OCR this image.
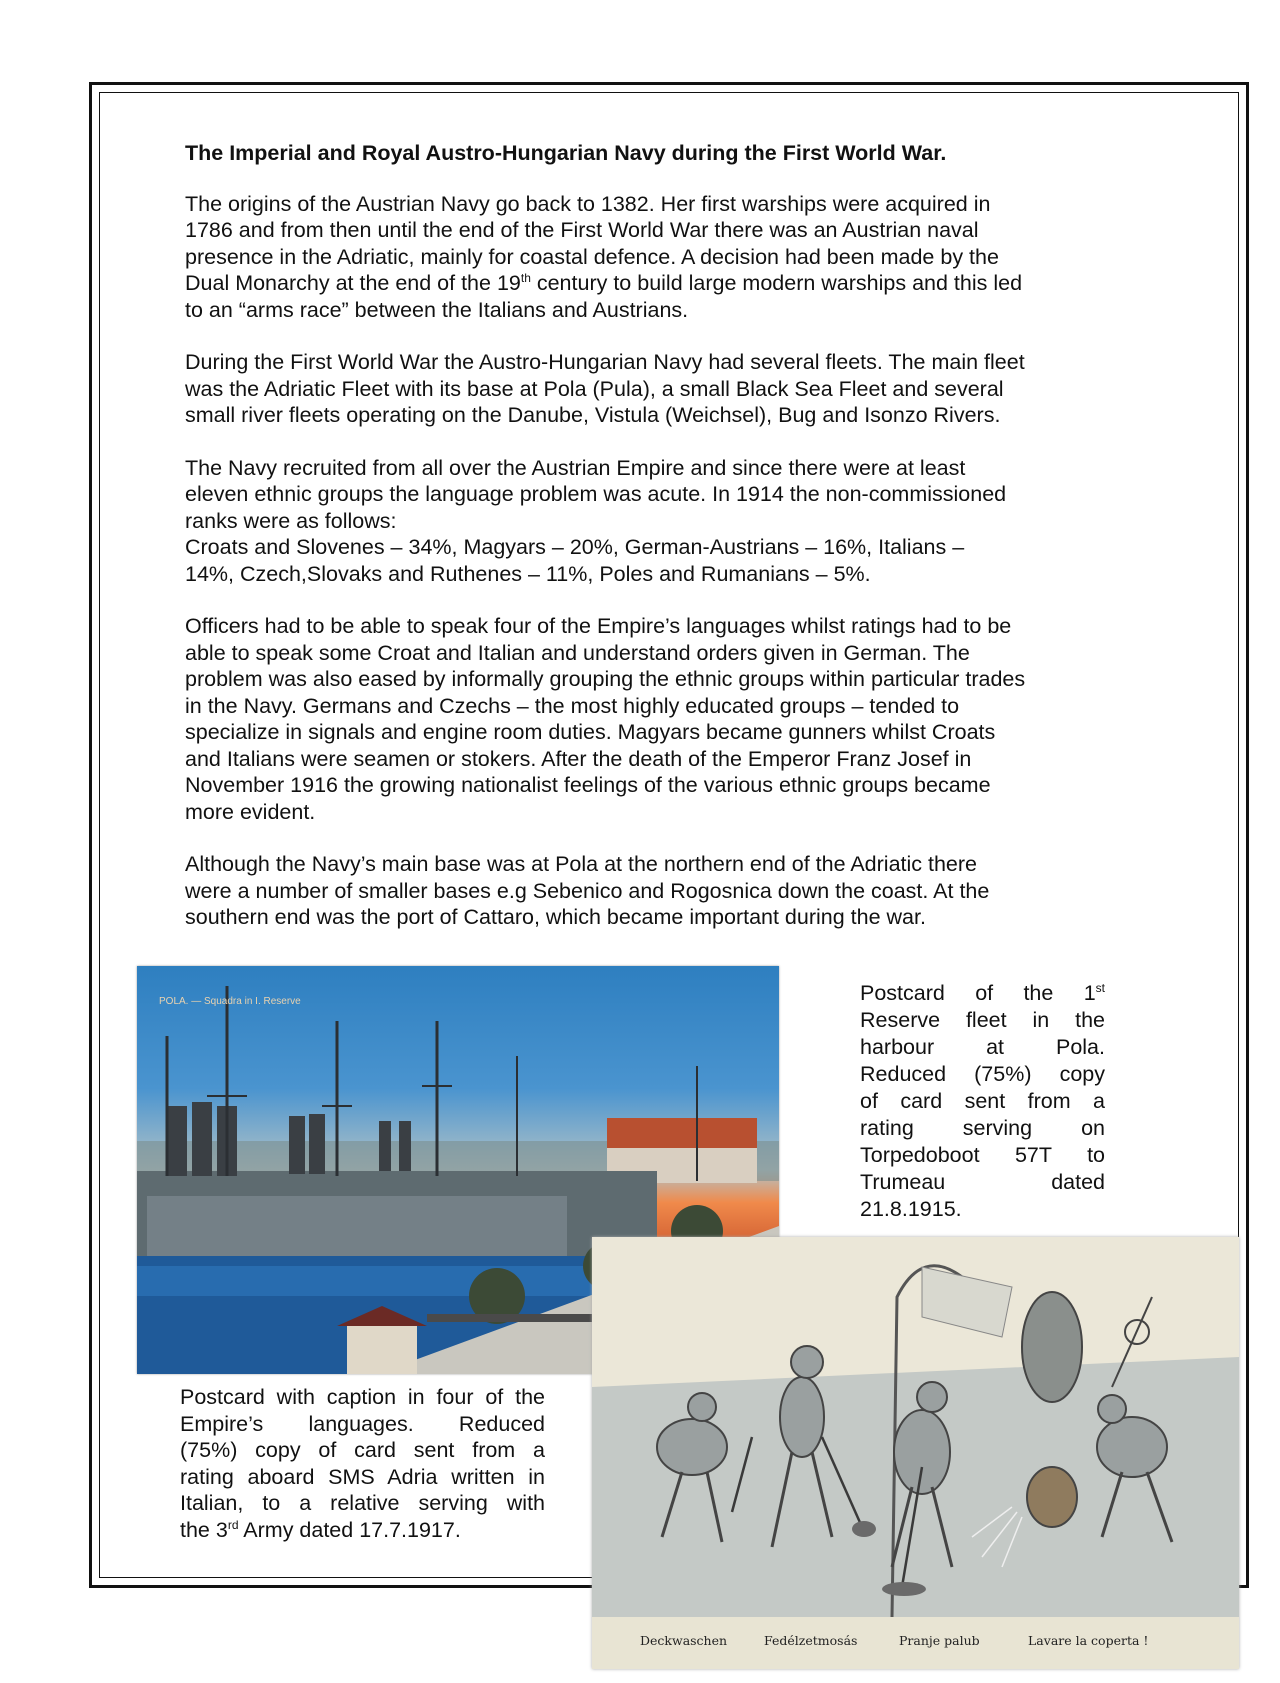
The Imperial and Royal Austro-Hungarian Navy during the First World War.
The origins of the Austrian Navy go back to 1382. Her first warships were acquired in
1786 and from then until the end of the First World War there was an Austrian naval
presence in the Adriatic, mainly for coastal defence. A decision had been made by the
Dual Monarchy at the end of the 19th century to build large modern warships and this led
to an “arms race” between the Italians and Austrians.
During the First World War the Austro-Hungarian Navy had several fleets. The main fleet
was the Adriatic Fleet with its base at Pola (Pula), a small Black Sea Fleet and several
small river fleets operating on the Danube, Vistula (Weichsel), Bug and Isonzo Rivers.
The Navy recruited from all over the Austrian Empire and since there were at least
eleven ethnic groups the language problem was acute. In 1914 the non-commissioned
ranks were as follows:
Croats and Slovenes – 34%, Magyars – 20%, German-Austrians – 16%, Italians –
14%, Czech,Slovaks and Ruthenes – 11%, Poles and Rumanians – 5%.
Officers had to be able to speak four of the Empire’s languages whilst ratings had to be
able to speak some Croat and Italian and understand orders given in German. The
problem was also eased by informally grouping the ethnic groups within particular trades
in the Navy. Germans and Czechs – the most highly educated groups – tended to
specialize in signals and engine room duties. Magyars became gunners whilst Croats
and Italians were seamen or stokers. After the death of the Emperor Franz Josef in
November 1916 the growing nationalist feelings of the various ethnic groups became
more evident.
Although the Navy’s main base was at Pola at the northern end of the Adriatic there
were a number of smaller bases e.g Sebenico and Rogosnica down the coast. At the
southern end was the port of Cattaro, which became important during the war.
POLA. — Squadra in I. Reserve	Postcard of the 1st
Reserve fleet in the
harbour at Pola.
Reduced (75%) copy
of card sent from a
rating serving on
Torpedoboot 57T to
Trumeau dated
21.8.1915.
Deckwaschen	Fedélzetmosás	Pranje palub	Lavare la coperta !
Postcard with caption in four of the
Empire’s languages. Reduced
(75%) copy of card sent from a
rating aboard SMS Adria written in
Italian, to a relative serving with
the 3rd Army dated 17.7.1917.
